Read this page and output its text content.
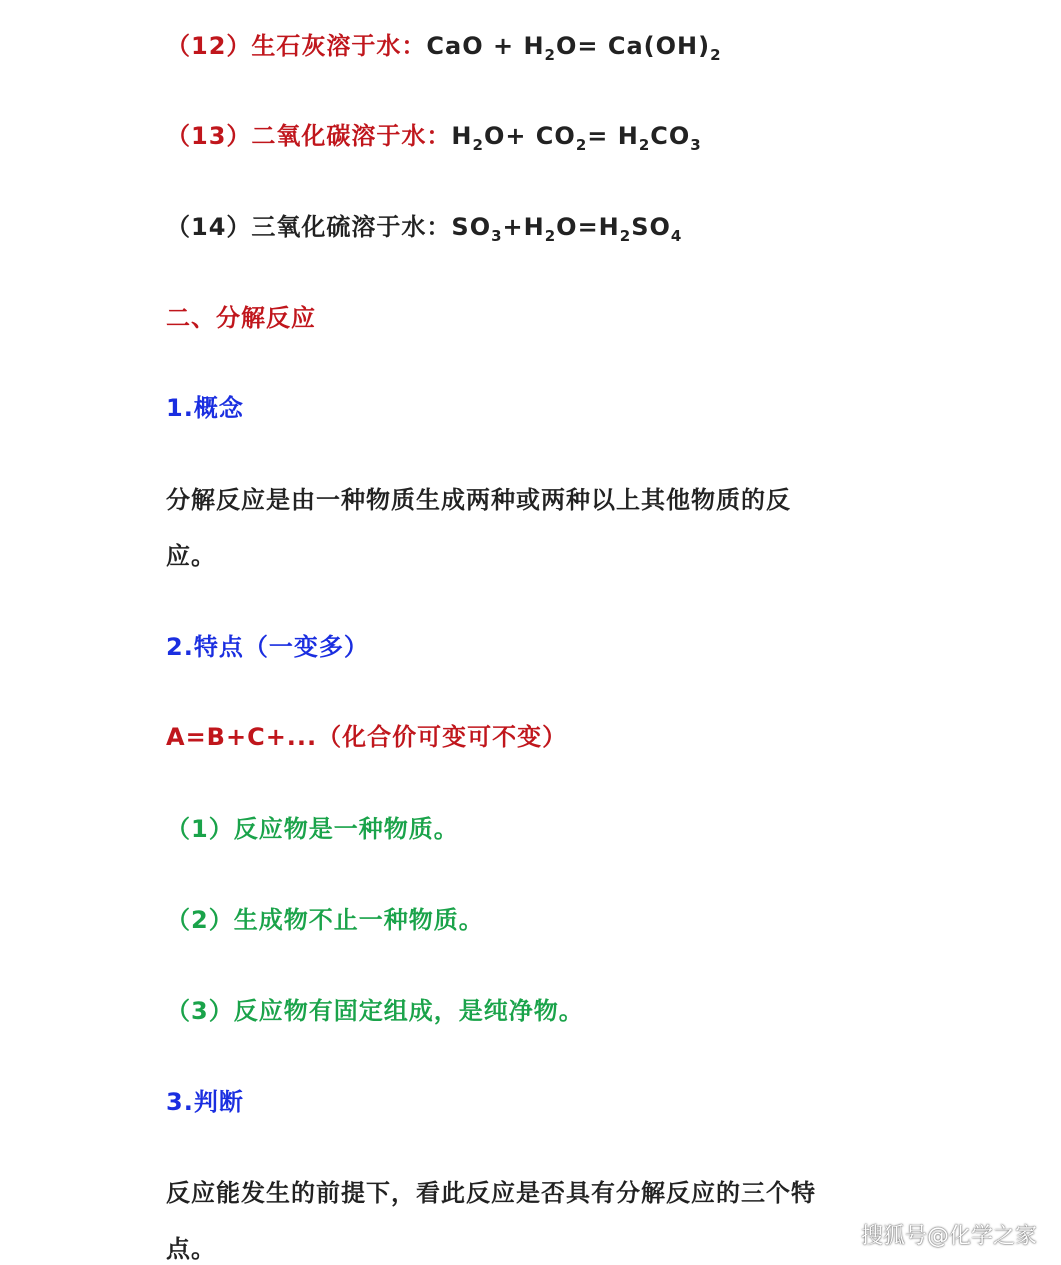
（12）生石灰溶于水：CaO + $H_2O= Ca(OH)_2$
（13）二氧化碳溶于水：$H_2O+ CO_2= H_2CO_3$
（14）三氧化硫溶于水：$SO_3+H_2O=H_2SO_4$
二、分解反应
1.概念
分解反应是由一种物质生成两种或两种以上其他物质的反
应。
2.特点（一变多）
A=B+C+...（化合价可变可不变）
（1）反应物是一种物质。
（2）生成物不止一种物质。
（3）反应物有固定组成，是纯净物。
3.判断
反应能发生的前提下，看此反应是否具有分解反应的三个特
点。	搜狐号@化学之家
